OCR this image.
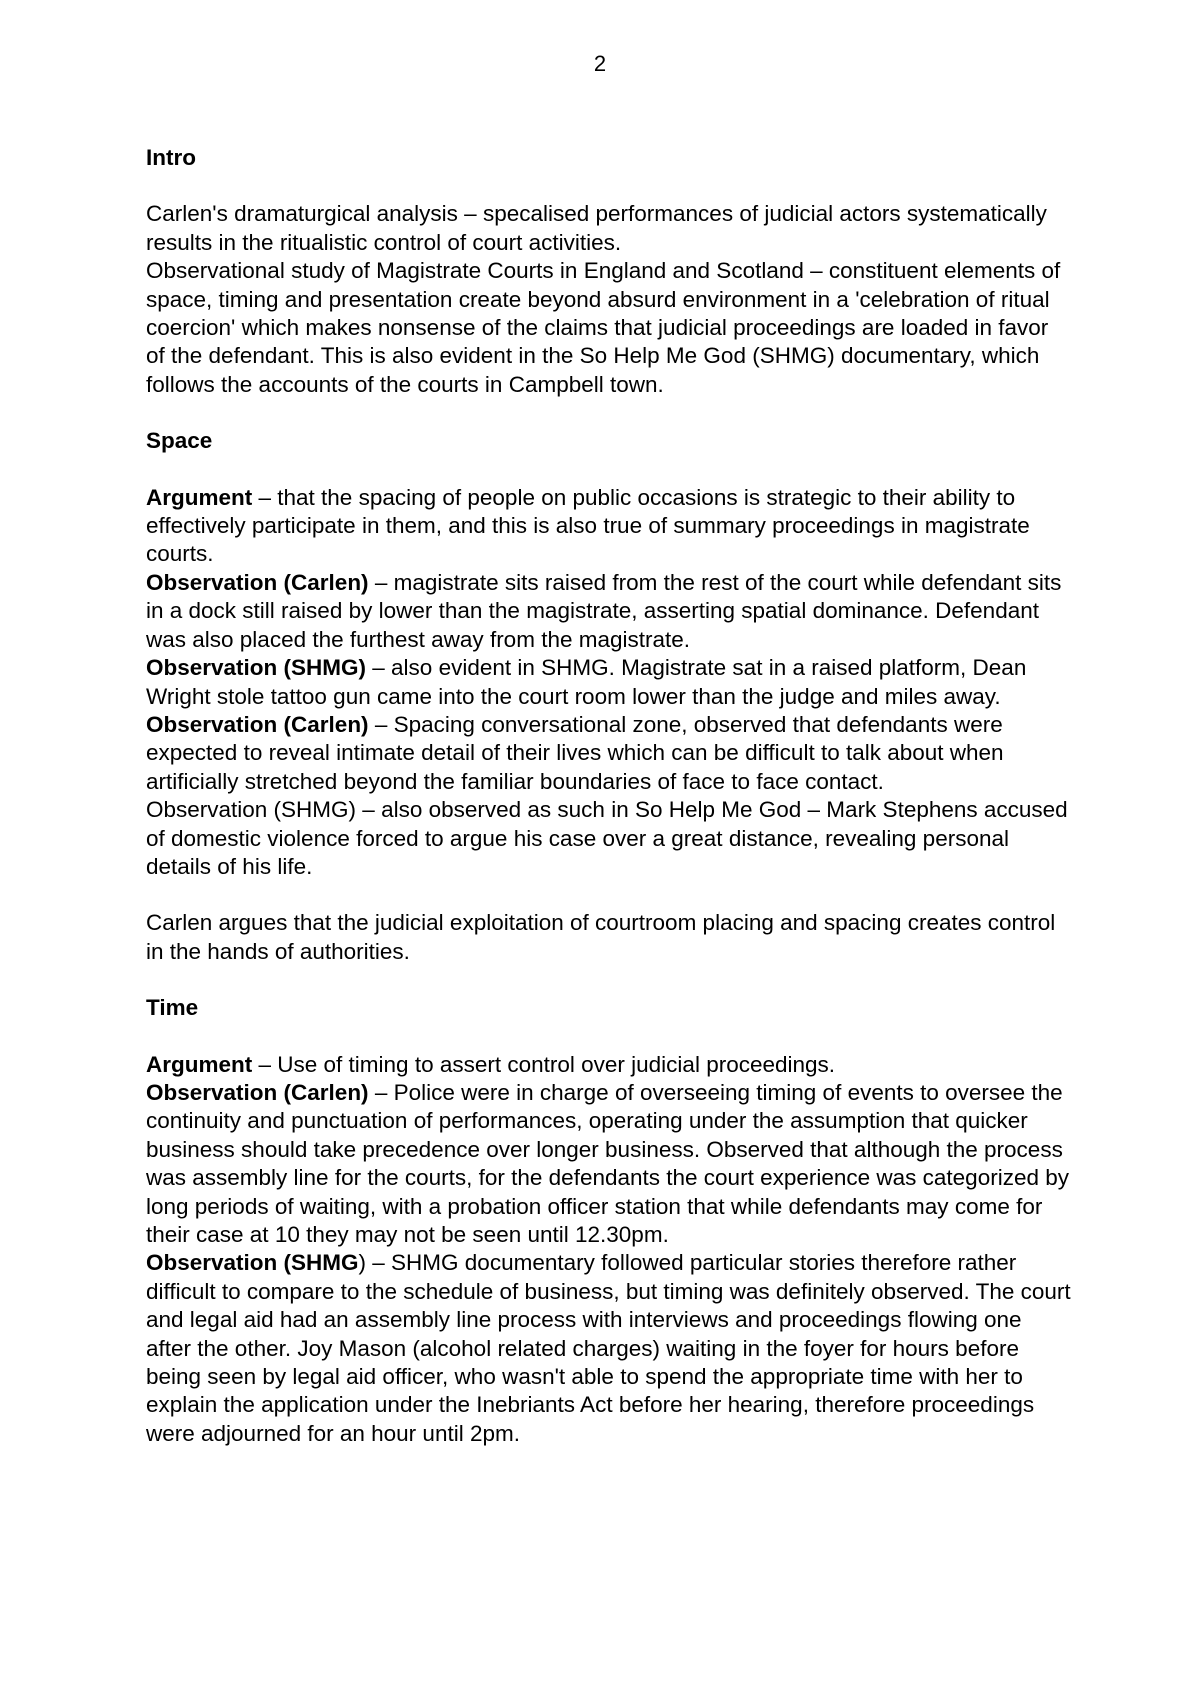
2
Intro

Carlen's dramaturgical analysis – specalised performances of judicial actors systematically results in the ritualistic control of court activities.

Observational study of Magistrate Courts in England and Scotland – constituent elements of space, timing and presentation create beyond absurd environment in a 'celebration of ritual coercion' which makes nonsense of the claims that judicial proceedings are loaded in favor of the defendant. This is also evident in the So Help Me God (SHMG) documentary, which follows the accounts of the courts in Campbell town.

Space

Argument – that the spacing of people on public occasions is strategic to their ability to effectively participate in them, and this is also true of summary proceedings in magistrate courts.

Observation (Carlen) – magistrate sits raised from the rest of the court while defendant sits in a dock still raised by lower than the magistrate, asserting spatial dominance. Defendant was also placed the furthest away from the magistrate.

Observation (SHMG) – also evident in SHMG. Magistrate sat in a raised platform, Dean Wright stole tattoo gun came into the court room lower than the judge and miles away.

Observation (Carlen) – Spacing conversational zone, observed that defendants were expected to reveal intimate detail of their lives which can be difficult to talk about when artificially stretched beyond the familiar boundaries of face to face contact.

Observation (SHMG) – also observed as such in So Help Me God – Mark Stephens accused of domestic violence forced to argue his case over a great distance, revealing personal details of his life.

Carlen argues that the judicial exploitation of courtroom placing and spacing creates control in the hands of authorities.
Time

Argument – Use of timing to assert control over judicial proceedings.

Observation (Carlen) – Police were in charge of overseeing timing of events to oversee the continuity and punctuation of performances, operating under the assumption that quicker business should take precedence over longer business. Observed that although the process was assembly line for the courts, for the defendants the court experience was categorized by long periods of waiting, with a probation officer station that while defendants may come for their case at 10 they may not be seen until 12.30pm.

Observation (SHMG) – SHMG documentary followed particular stories therefore rather difficult to compare to the schedule of business, but timing was definitely observed. The court and legal aid had an assembly line process with interviews and proceedings flowing one after the other. Joy Mason (alcohol related charges) waiting in the foyer for hours before being seen by legal aid officer, who wasn't able to spend the appropriate time with her to explain the application under the Inebriants Act before her hearing, therefore proceedings were adjourned for an hour until 2pm.
